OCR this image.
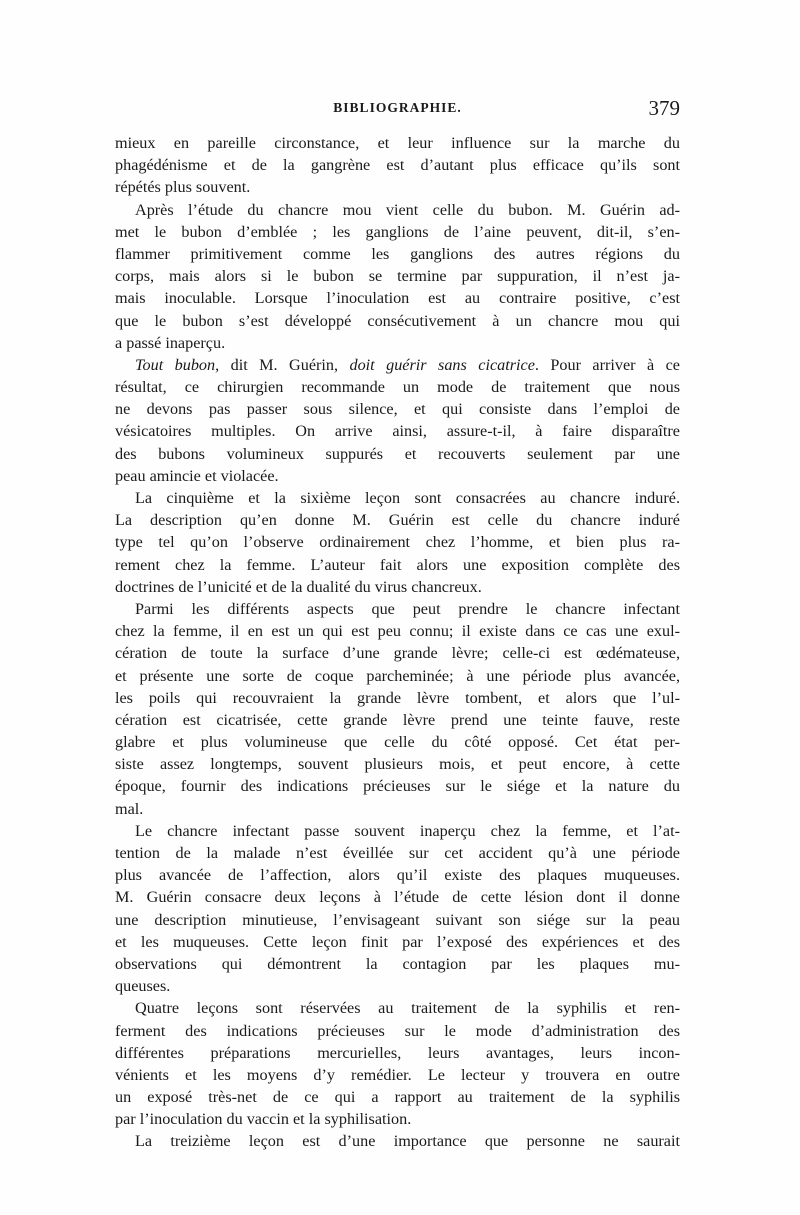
BIBLIOGRAPHIE.	379
mieux en pareille circonstance, et leur influence sur la marche du
phagédénisme et de la gangrène est d’autant plus efficace qu’ils sont
répétés plus souvent.
Après l’étude du chancre mou vient celle du bubon. M. Guérin ad-
met le bubon d’emblée ; les ganglions de l’aine peuvent, dit-il, s’en-
flammer primitivement comme les ganglions des autres régions du
corps, mais alors si le bubon se termine par suppuration, il n’est ja-
mais inoculable. Lorsque l’inoculation est au contraire positive, c’est
que le bubon s’est développé consécutivement à un chancre mou qui
a passé inaperçu.
Tout bubon, dit M. Guérin, doit guérir sans cicatrice. Pour arriver à ce
résultat, ce chirurgien recommande un mode de traitement que nous
ne devons pas passer sous silence, et qui consiste dans l’emploi de
vésicatoires multiples. On arrive ainsi, assure-t-il, à faire disparaître
des bubons volumineux suppurés et recouverts seulement par une
peau amincie et violacée.
La cinquième et la sixième leçon sont consacrées au chancre induré.
La description qu’en donne M. Guérin est celle du chancre induré
type tel qu’on l’observe ordinairement chez l’homme, et bien plus ra-
rement chez la femme. L’auteur fait alors une exposition complète des
doctrines de l’unicité et de la dualité du virus chancreux.
Parmi les différents aspects que peut prendre le chancre infectant
chez la femme, il en est un qui est peu connu; il existe dans ce cas une exul-
cération de toute la surface d’une grande lèvre; celle-ci est œdémateuse,
et présente une sorte de coque parcheminée; à une période plus avancée,
les poils qui recouvraient la grande lèvre tombent, et alors que l’ul-
cération est cicatrisée, cette grande lèvre prend une teinte fauve, reste
glabre et plus volumineuse que celle du côté opposé. Cet état per-
siste assez longtemps, souvent plusieurs mois, et peut encore, à cette
époque, fournir des indications précieuses sur le siége et la nature du
mal.
Le chancre infectant passe souvent inaperçu chez la femme, et l’at-
tention de la malade n’est éveillée sur cet accident qu’à une période
plus avancée de l’affection, alors qu’il existe des plaques muqueuses.
M. Guérin consacre deux leçons à l’étude de cette lésion dont il donne
une description minutieuse, l’envisageant suivant son siége sur la peau
et les muqueuses. Cette leçon finit par l’exposé des expériences et des
observations qui démontrent la contagion par les plaques mu-
queuses.
Quatre leçons sont réservées au traitement de la syphilis et ren-
ferment des indications précieuses sur le mode d’administration des
différentes préparations mercurielles, leurs avantages, leurs incon-
vénients et les moyens d’y remédier. Le lecteur y trouvera en outre
un exposé très-net de ce qui a rapport au traitement de la syphilis
par l’inoculation du vaccin et la syphilisation.
La treizième leçon est d’une importance que personne ne saurait
